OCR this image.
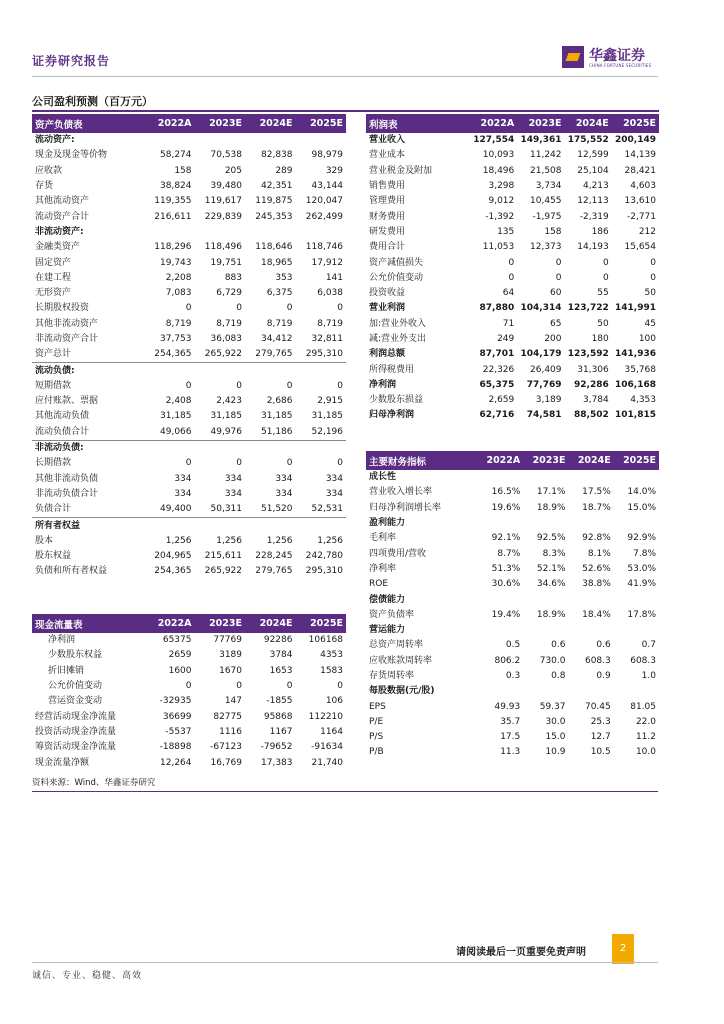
证券研究报告	华鑫证券
CHINA FORTUNE SECURITIES
公司盈利预测（百万元）
资产负债表	2022A	2023E	2024E	2025E
流动资产:				
现金及现金等价物	58,274	70,538	82,838	98,979
应收款	158	205	289	329
存货	38,824	39,480	42,351	43,144
其他流动资产	119,355	119,617	119,875	120,047
流动资产合计	216,611	229,839	245,353	262,499
非流动资产:				
金融类资产	118,296	118,496	118,646	118,746
固定资产	19,743	19,751	18,965	17,912
在建工程	2,208	883	353	141
无形资产	7,083	6,729	6,375	6,038
长期股权投资	0	0	0	0
其他非流动资产	8,719	8,719	8,719	8,719
非流动资产合计	37,753	36,083	34,412	32,811
资产总计	254,365	265,922	279,765	295,310
流动负债:				
短期借款	0	0	0	0
应付账款、票据	2,408	2,423	2,686	2,915
其他流动负债	31,185	31,185	31,185	31,185
流动负债合计	49,066	49,976	51,186	52,196
非流动负债:				
长期借款	0	0	0	0
其他非流动负债	334	334	334	334
非流动负债合计	334	334	334	334
负债合计	49,400	50,311	51,520	52,531
所有者权益				
股本	1,256	1,256	1,256	1,256
股东权益	204,965	215,611	228,245	242,780
负债和所有者权益	254,365	265,922	279,765	295,310
利润表	2022A	2023E	2024E	2025E
营业收入	127,554	149,361	175,552	200,149
营业成本	10,093	11,242	12,599	14,139
营业税金及附加	18,496	21,508	25,104	28,421
销售费用	3,298	3,734	4,213	4,603
管理费用	9,012	10,455	12,113	13,610
财务费用	-1,392	-1,975	-2,319	-2,771
研发费用	135	158	186	212
费用合计	11,053	12,373	14,193	15,654
资产减值损失	0	0	0	0
公允价值变动	0	0	0	0
投资收益	64	60	55	50
营业利润	87,880	104,314	123,722	141,991
加:营业外收入	71	65	50	45
减:营业外支出	249	200	180	100
利润总额	87,701	104,179	123,592	141,936
所得税费用	22,326	26,409	31,306	35,768
净利润	65,375	77,769	92,286	106,168
少数股东损益	2,659	3,189	3,784	4,353
归母净利润	62,716	74,581	88,502	101,815
主要财务指标	2022A	2023E	2024E	2025E
成长性				
营业收入增长率	16.5%	17.1%	17.5%	14.0%
归母净利润增长率	19.6%	18.9%	18.7%	15.0%
盈利能力				
毛利率	92.1%	92.5%	92.8%	92.9%
四项费用/营收	8.7%	8.3%	8.1%	7.8%
净利率	51.3%	52.1%	52.6%	53.0%
ROE	30.6%	34.6%	38.8%	41.9%
偿债能力				
资产负债率	19.4%	18.9%	18.4%	17.8%
营运能力				
总资产周转率	0.5	0.6	0.6	0.7
应收账款周转率	806.2	730.0	608.3	608.3
存货周转率	0.3	0.8	0.9	1.0
每股数据(元/股)				
EPS	49.93	59.37	70.45	81.05
P/E	35.7	30.0	25.3	22.0
P/S	17.5	15.0	12.7	11.2
P/B	11.3	10.9	10.5	10.0
现金流量表	2022A	2023E	2024E	2025E
净利润	65375	77769	92286	106168
少数股东权益	2659	3189	3784	4353
折旧摊销	1600	1670	1653	1583
公允价值变动	0	0	0	0
营运资金变动	-32935	147	-1855	106
经营活动现金净流量	36699	82775	95868	112210
投资活动现金净流量	-5537	1116	1167	1164
筹资活动现金净流量	-18898	-67123	-79652	-91634
现金流量净额	12,264	16,769	17,383	21,740
资料来源：Wind、华鑫证券研究
请阅读最后一页重要免责声明	2
诚信、专业、稳健、高效
